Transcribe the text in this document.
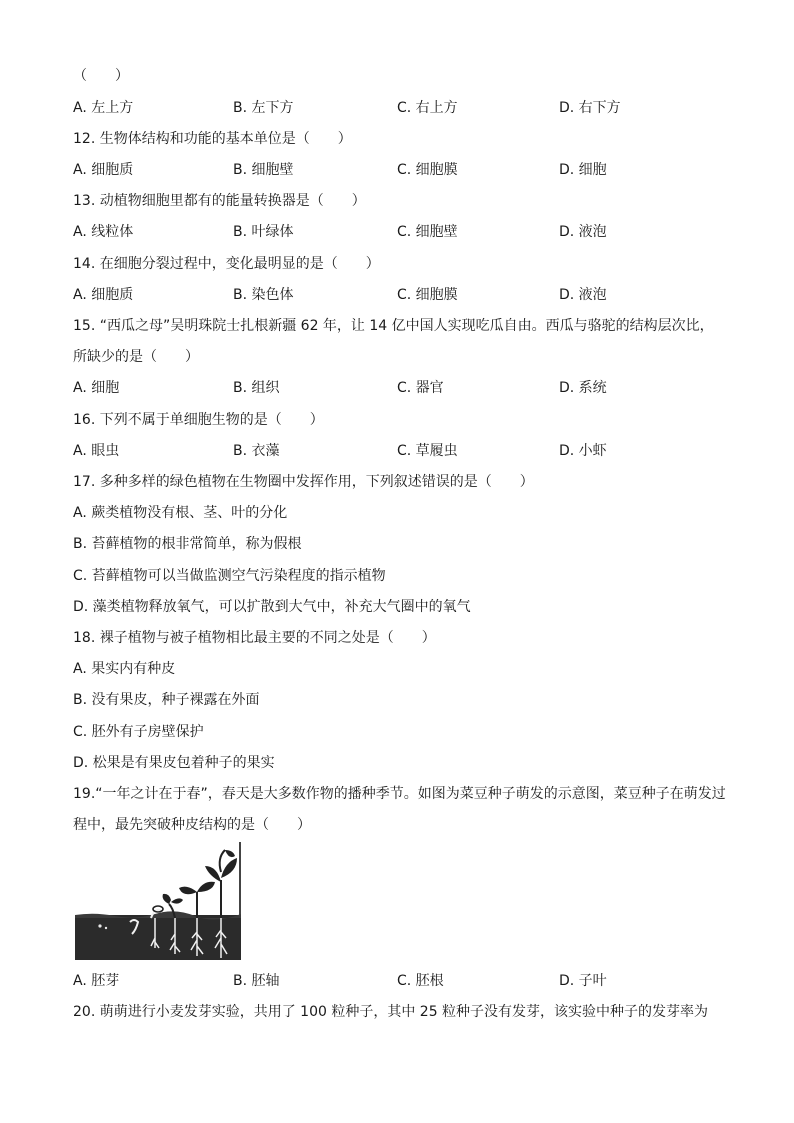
（　　）
A. 左上方	B. 左下方	C. 右上方	D. 右下方
12. 生物体结构和功能的基本单位是（　　）
A. 细胞质	B. 细胞壁	C. 细胞膜	D. 细胞
13. 动植物细胞里都有的能量转换器是（　　）
A. 线粒体	B. 叶绿体	C. 细胞壁	D. 液泡
14. 在细胞分裂过程中，变化最明显的是（　　）
A. 细胞质	B. 染色体	C. 细胞膜	D. 液泡
15. “西瓜之母”吴明珠院士扎根新疆 62 年，让 14 亿中国人实现吃瓜自由。西瓜与骆驼的结构层次比，
所缺少的是（　　）
A. 细胞	B. 组织	C. 器官	D. 系统
16. 下列不属于单细胞生物的是（　　）
A. 眼虫	B. 衣藻	C. 草履虫	D. 小虾
17. 多种多样的绿色植物在生物圈中发挥作用，下列叙述错误的是（　　）
A. 蕨类植物没有根、茎、叶的分化
B. 苔藓植物的根非常简单，称为假根
C. 苔藓植物可以当做监测空气污染程度的指示植物
D. 藻类植物释放氧气，可以扩散到大气中，补充大气圈中的氧气
18. 裸子植物与被子植物相比最主要的不同之处是（　　）
A. 果实内有种皮
B. 没有果皮，种子裸露在外面
C. 胚外有子房壁保护
D. 松果是有果皮包着种子的果实
19.“一年之计在于春”，春天是大多数作物的播种季节。如图为菜豆种子萌发的示意图，菜豆种子在萌发过
程中，最先突破种皮结构的是（　　）
A. 胚芽	B. 胚轴	C. 胚根	D. 子叶
20. 萌萌进行小麦发芽实验，共用了 100 粒种子，其中 25 粒种子没有发芽，该实验中种子的发芽率为
